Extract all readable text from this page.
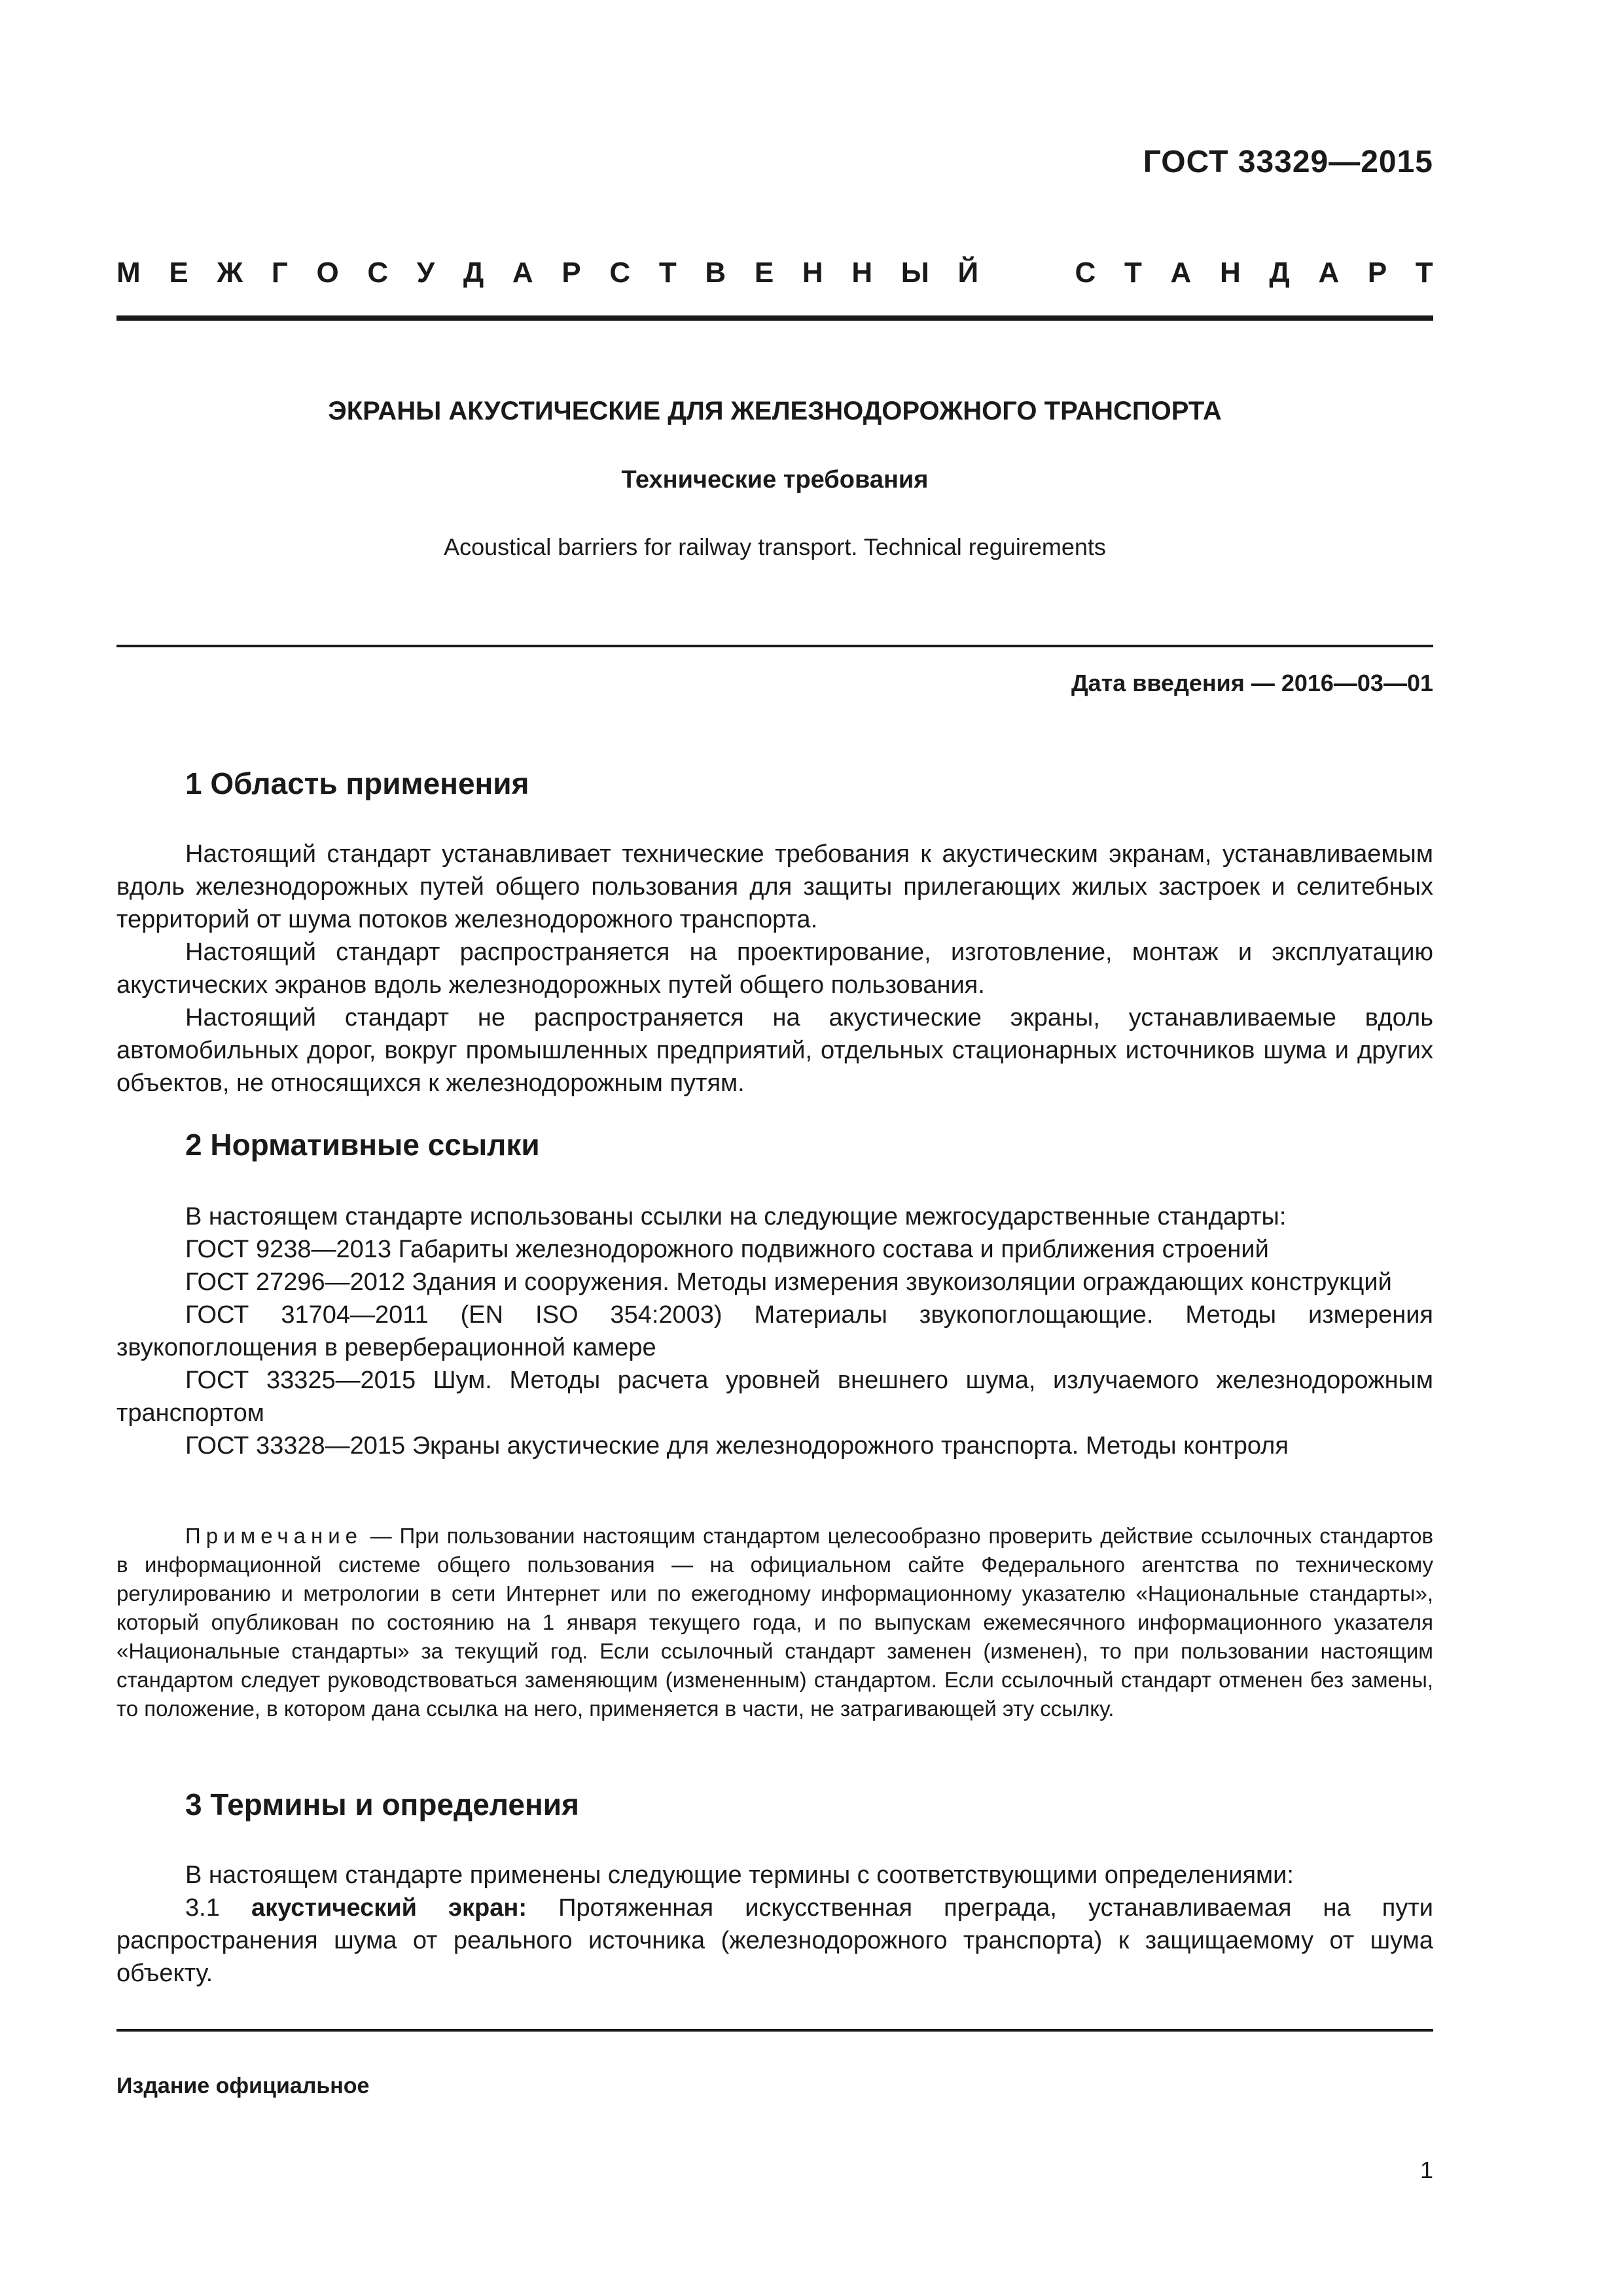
ГОСТ 33329—2015
М Е Ж Г О С У Д А Р С Т В Е Н Н Ы Й	С Т А Н Д А Р Т
ЭКРАНЫ АКУСТИЧЕСКИЕ ДЛЯ ЖЕЛЕЗНОДОРОЖНОГО ТРАНСПОРТА
Технические требования
Acoustical barriers for railway transport. Technical reguirements
Дата введения — 2016—03—01
1 Область применения

Настоящий стандарт устанавливает технические требования к акустическим экранам, устанавливаемым вдоль железнодорожных путей общего пользования для защиты прилегающих жилых застроек и селитебных территорий от шума потоков железнодорожного транспорта.

Настоящий стандарт распространяется на проектирование, изготовление, монтаж и эксплуатацию акустических экранов вдоль железнодорожных путей общего пользования.

Настоящий стандарт не распространяется на акустические экраны, устанавливаемые вдоль автомобильных дорог, вокруг промышленных предприятий, отдельных стационарных источников шума и других объектов, не относящихся к железнодорожным путям.

2 Нормативные ссылки

В настоящем стандарте использованы ссылки на следующие межгосударственные стандарты:

ГОСТ 9238—2013 Габариты железнодорожного подвижного состава и приближения строений

ГОСТ 27296—2012 Здания и сооружения. Методы измерения звукоизоляции ограждающих конструкций

ГОСТ 31704—2011 (EN ISO 354:2003) Материалы звукопоглощающие. Методы измерения звукопоглощения в реверберационной камере

ГОСТ 33325—2015 Шум. Методы расчета уровней внешнего шума, излучаемого железнодорожным транспортом

ГОСТ 33328—2015 Экраны акустические для железнодорожного транспорта. Методы контроля

Примечание — При пользовании настоящим стандартом целесообразно проверить действие ссылочных стандартов в информационной системе общего пользования — на официальном сайте Федерального агентства по техническому регулированию и метрологии в сети Интернет или по ежегодному информационному указателю «Национальные стандарты», который опубликован по состоянию на 1 января текущего года, и по выпускам ежемесячного информационного указателя «Национальные стандарты» за текущий год. Если ссылочный стандарт заменен (изменен), то при пользовании настоящим стандартом следует руководствоваться заменяющим (измененным) стандартом. Если ссылочный стандарт отменен без замены, то положение, в котором дана ссылка на него, применяется в части, не затрагивающей эту ссылку.

3 Термины и определения

В настоящем стандарте применены следующие термины с соответствующими определениями:

3.1 акустический экран: Протяженная искусственная преграда, устанавливаемая на пути распространения шума от реального источника (железнодорожного транспорта) к защищаемому от шума объекту.

Издание официальное
1
